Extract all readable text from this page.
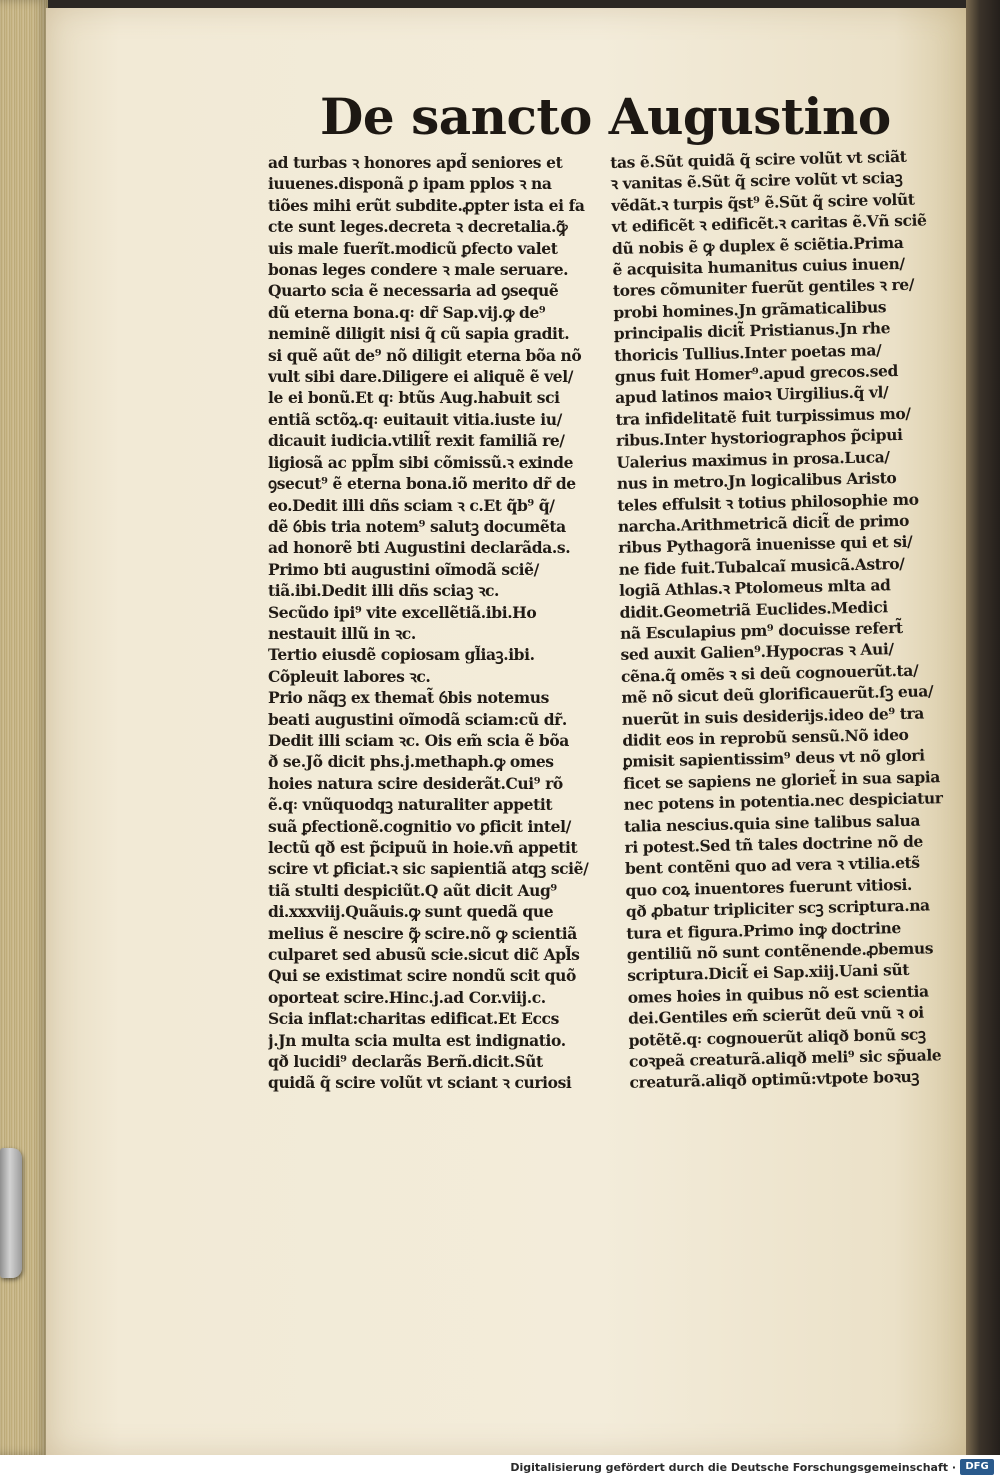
De sancto Augustino
ad turbas ꝛ honores apd̃ seniores et
iuuenes.disponã ꝑ ipam pplos ꝛ na
tiões mihi erũt subdite.ꝓpter ista ei fa
cte sunt leges.decreta ꝛ decretalia.ꝙ̃
uis male fuerĩt.modicũ ꝑfecto valet
bonas leges condere ꝛ male seruare.
Quarto scia ẽ necessaria ad ꝯsequẽ
dũ eterna bona.q꞉ dr̃ Sap.vij.ꝙ de⁹
neminẽ diligit nisi q̃ cũ sapia gradit.
si quẽ aũt de⁹ nõ diligit eterna bõa nõ
vult sibi dare.Diligere ei aliquẽ ẽ vel/
le ei bonũ.Et q꞉ btũs Aug.habuit sci
entiã sctõꝝ.q꞉ euitauit vitia.iuste iu/
dicauit iudicia.vtilit̃ rexit familiã re/
ligiosã ac ppl̃m sibi cõmissũ.ꝛ exinde
ꝯsecut⁹ ẽ eterna bona.iõ merito dr̃ de
eo.Dedit illi dñs sciam ꝛ c.Et q̃b⁹ q̃/
dẽ ỽbis tria notem⁹ salutꝫ documẽta
ad honorẽ bti Augustini declarãda.s.
Primo bti augustini oĩmodã sciẽ/
tiã.ibi.Dedit illi dñs sciaꝫ ꝛc.
Secũdo ipi⁹ vite excellẽtiã.ibi.Ho
nestauit illũ in ꝛc.
Tertio eiusdẽ copiosam gl̃iaꝫ.ibi.
Cõpleuit labores ꝛc.
Prio nãqꝫ ex themat̃ ỽbis notemus
beati augustini oĩmodã sciam:cũ dr̃.
Dedit illi sciam ꝛc. Ois em̃ scia ẽ bõa
ð se.Jõ dicit phs.j.methaph.ꝙ omes
hoies natura scire desiderãt.Cui⁹ rõ
ẽ.q꞉ vnũquodqꝫ naturaliter appetit
suã ꝑfectionẽ.cognitio vo ꝑficit intel/
lectũ qð est p̃cipuũ in hoie.vñ appetit
scire vt ꝑficiat.ꝛ sic sapientiã atqꝫ sciẽ/
tiã stulti despiciũt.Q aũt dicit Aug⁹
di.xxxviij.Quãuis.ꝙ sunt quedã que
melius ẽ nescire ꝙ̃ scire.nõ ꝙ scientiã
culparet sed abusũ scie.sicut dic̃ Apl̃s
Qui se existimat scire nondũ scit quõ
oporteat scire.Hinc.j.ad Cor.viij.c.
Scia inflat:charitas edificat.Et Eccs
j.Jn multa scia multa est indignatio.
qð lucidi⁹ declarãs Berñ.dicit.Sũt
quidã q̃ scire volũt vt sciant ꝛ curiosi
tas ẽ.Sũt quidã q̃ scire volũt vt sciãt
ꝛ vanitas ẽ.Sũt q̃ scire volũt vt sciaꝫ
vẽdãt.ꝛ turpis q̃st⁹ ẽ.Sũt q̃ scire volũt
vt edificẽt ꝛ edificẽt.ꝛ caritas ẽ.Vñ sciẽ
dũ nobis ẽ ꝙ duplex ẽ sciẽtia.Prima
ẽ acquisita humanitus cuius inuen/
tores cõmuniter fuerũt gentiles ꝛ re/
probi homines.Jn grãmaticalibus
principalis dicit̃ Pristianus.Jn rhe
thoricis Tullius.Inter poetas ma/
gnus fuit Homer⁹.apud grecos.sed
apud latinos maioꝛ Uirgilius.q̃ vl/
tra infidelitatẽ fuit turpissimus mo/
ribus.Inter hystoriographos p̃cipui
Ualerius maximus in prosa.Luca/
nus in metro.Jn logicalibus Aristo
teles effulsit ꝛ totius philosophie mo
narcha.Arithmetricã dicit̃ de primo
ribus Pythagorã inuenisse qui et si/
ne fide fuit.Tubalcaĩ musicã.Astro/
logiã Athlas.ꝛ Ptolomeus mlta ad
didit.Geometriã Euclides.Medici
nã Esculapius pm⁹ docuisse refert̃
sed auxit Galien⁹.Hypocras ꝛ Aui/
cẽna.q̃ omẽs ꝛ si deũ cognouerũt.ta/
mẽ nõ sicut deũ glorificauerũt.ſꝫ eua/
nuerũt in suis desiderijs.ideo de⁹ tra
didit eos in reprobũ sensũ.Nõ ideo
ꝑmisit sapientissim⁹ deus vt nõ glori
ficet se sapiens ne gloriet̃ in sua sapia
nec potens in potentia.nec despiciatur
talia nescius.quia sine talibus salua
ri potest.Sed tñ tales doctrine nõ de
bent contẽni quo ad vera ꝛ vtilia.ets̃
quo coꝝ inuentores fuerunt vitiosi.
qð ꝓbatur tripliciter scꝫ scriptura.na
tura et figura.Primo inꝙ doctrine
gentiliũ nõ sunt contẽnende.ꝓbemus
scriptura.Dicit̃ ei Sap.xiij.Uani sũt
omes hoies in quibus nõ est scientia
dei.Gentiles em̃ scierũt deũ vnũ ꝛ oi
potẽtẽ.q꞉ cognouerũt aliqð bonũ scꝫ
coꝛpeã creaturã.aliqð meli⁹ sic sp̃uale
creaturã.aliqð optimũ:vtpote boꝛuꝫ
Digitalisierung gefördert durch die Deutsche Forschungsgemeinschaft · DFG
